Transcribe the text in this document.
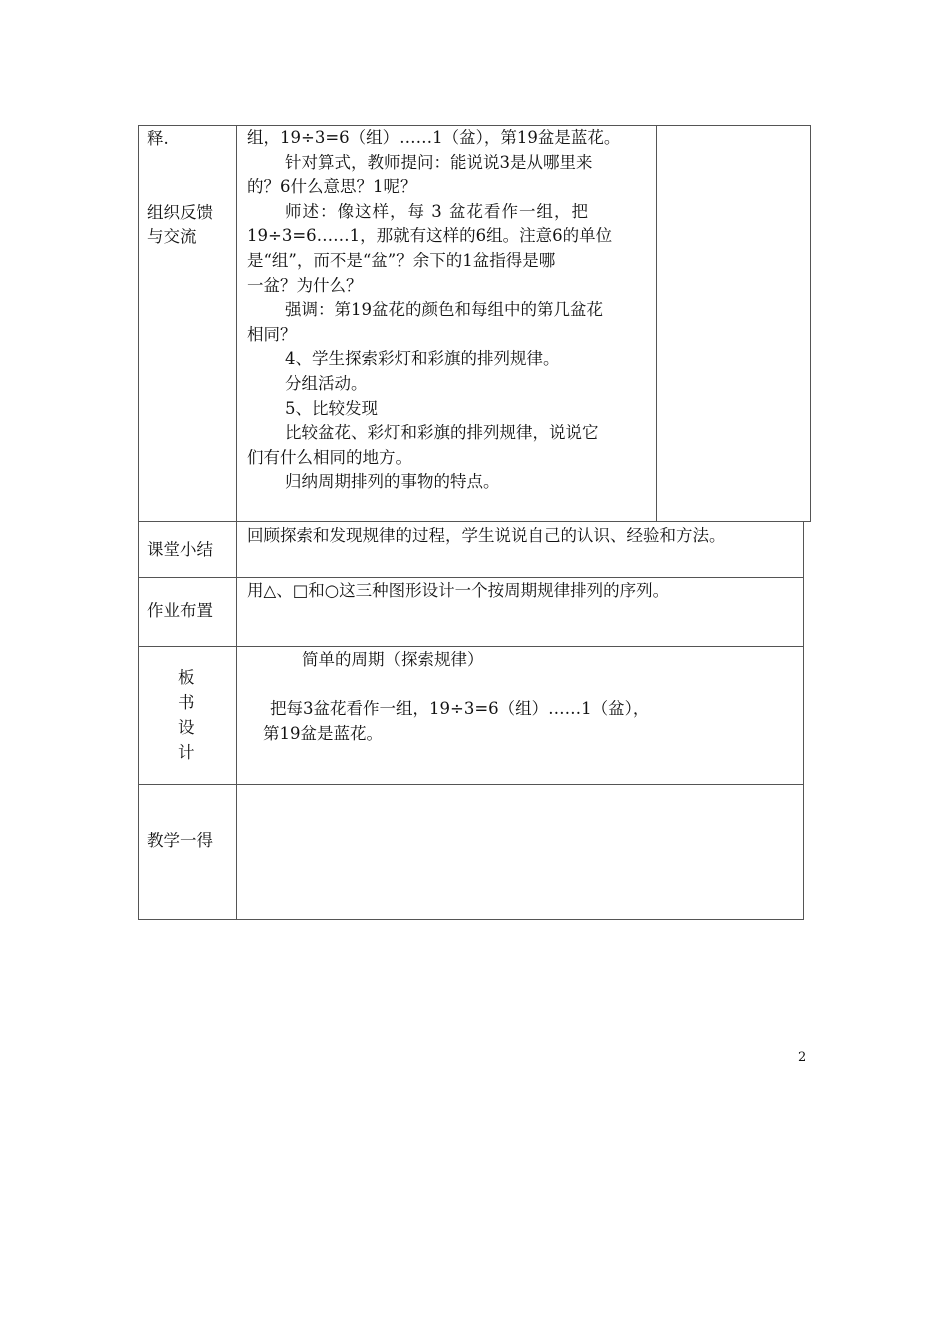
释.
组织反馈
与交流
组，19÷3=6（组）……1（盆），第19盆是蓝花。
针对算式，教师提问：能说说3是从哪里来
的？6什么意思？1呢？
师述：像这样，每 3 盆花看作一组，把
19÷3=6……1，那就有这样的6组。注意6的单位
是“组”，而不是“盆”？余下的1盆指得是哪
一盆？为什么？
强调：第19盆花的颜色和每组中的第几盆花
相同？
4、学生探索彩灯和彩旗的排列规律。
分组活动。
5、比较发现
比较盆花、彩灯和彩旗的排列规律，说说它
们有什么相同的地方。
归纳周期排列的事物的特点。
课堂小结
回顾探索和发现规律的过程，学生说说自己的认识、经验和方法。
作业布置
用△、□和○这三种图形设计一个按周期规律排列的序列。
板
书
设
计
简单的周期（探索规律）
把每3盆花看作一组，19÷3=6（组）……1（盆），
第19盆是蓝花。
教学一得
2
